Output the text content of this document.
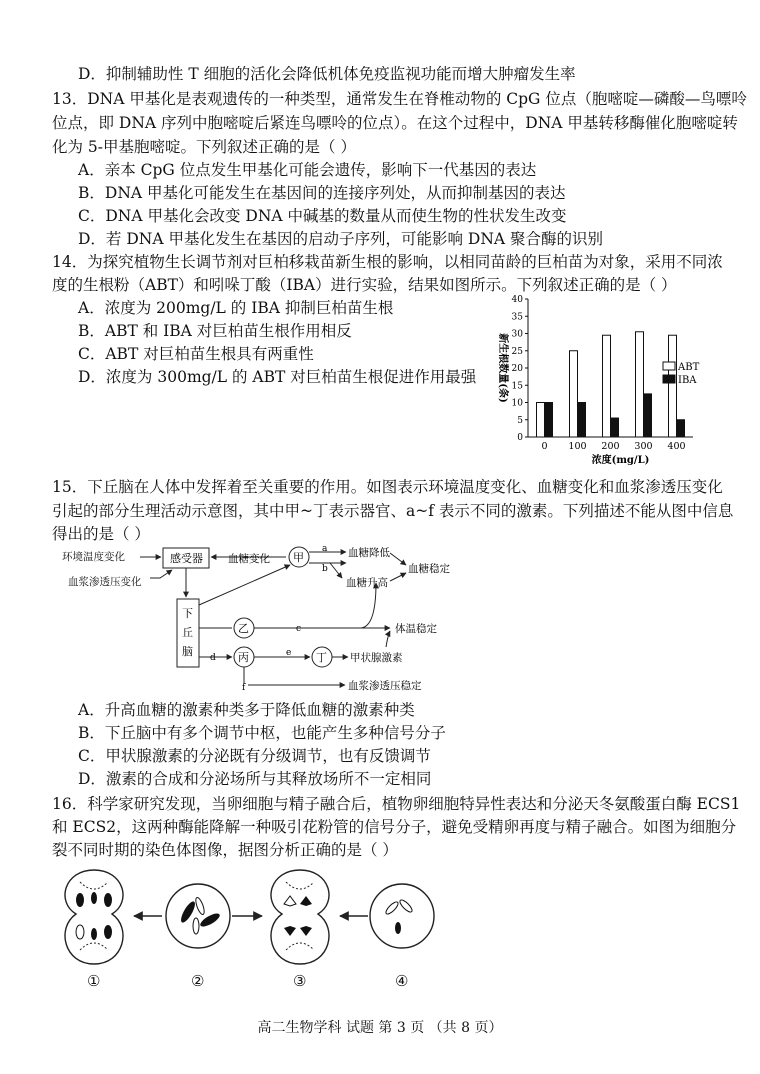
D．抑制辅助性 T 细胞的活化会降低机体免疫监视功能而增大肿瘤发生率
13．DNA 甲基化是表观遗传的一种类型，通常发生在脊椎动物的 CpG 位点（胞嘧啶—磷酸—鸟嘌呤
位点，即 DNA 序列中胞嘧啶后紧连鸟嘌呤的位点）。在这个过程中，DNA 甲基转移酶催化胞嘧啶转
化为 5-甲基胞嘧啶。下列叙述正确的是（ ）
A．亲本 CpG 位点发生甲基化可能会遗传，影响下一代基因的表达
B．DNA 甲基化可能发生在基因间的连接序列处，从而抑制基因的表达
C．DNA 甲基化会改变 DNA 中碱基的数量从而使生物的性状发生改变
D．若 DNA 甲基化发生在基因的启动子序列，可能影响 DNA 聚合酶的识别
14．为探究植物生长调节剂对巨柏移栽苗新生根的影响，以相同苗龄的巨柏苗为对象，采用不同浓
度的生根粉（ABT）和吲哚丁酸（IBA）进行实验，结果如图所示。下列叙述正确的是（ ）
A．浓度为 200mg/L 的 IBA 抑制巨柏苗生根
B．ABT 和 IBA 对巨柏苗生根作用相反
C．ABT 对巨柏苗生根具有两重性
D．浓度为 300mg/L 的 ABT 对巨柏苗生根促进作用最强
0
5
10
15
20
25
30
35
40
新生根数量(条)
0 100 200 300 400
浓度(mg/L)
ABT
IBA
15．下丘脑在人体中发挥着至关重要的作用。如图表示环境温度变化、血糖变化和血浆渗透压变化
引起的部分生理活动示意图，其中甲~丁表示器官、a~f 表示不同的激素。下列描述不能从图中信息
得出的是（ ）
环境温度变化
血浆渗透压变化
感受器 血糖变化 甲
a
b
血糖降低
血糖升高
血糖稳定
下
丘
脑
乙	c	体温稳定
d 丙	e 丁 甲状腺激素
f	血浆渗透压稳定
A．升高血糖的激素种类多于降低血糖的激素种类
B．下丘脑中有多个调节中枢，也能产生多种信号分子
C．甲状腺激素的分泌既有分级调节，也有反馈调节
D．激素的合成和分泌场所与其释放场所不一定相同
16．科学家研究发现，当卵细胞与精子融合后，植物卵细胞特异性表达和分泌天冬氨酸蛋白酶 ECS1
和 ECS2，这两种酶能降解一种吸引花粉管的信号分子，避免受精卵再度与精子融合。如图为细胞分
裂不同时期的染色体图像，据图分析正确的是（ ）
①	②	③	④
高二生物学科 试题 第 3 页 （共 8 页）
